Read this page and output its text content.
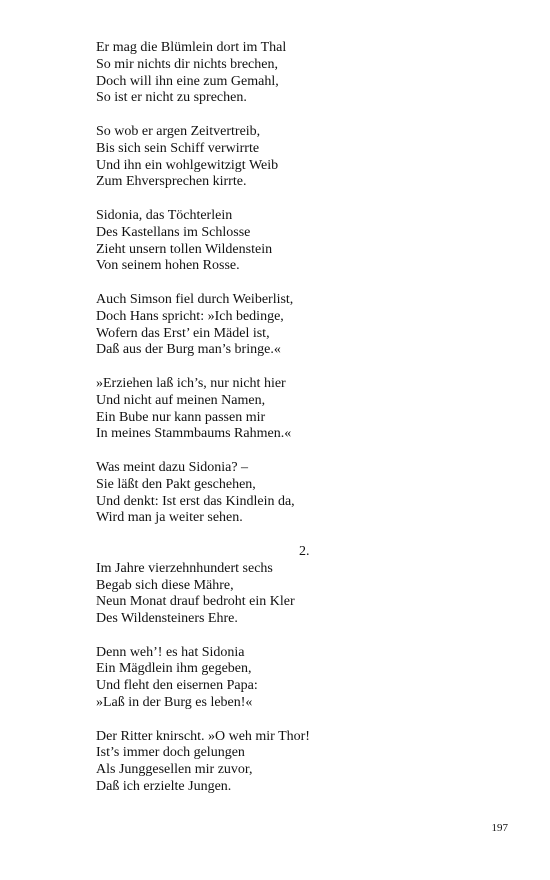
Er mag die Blümlein dort im Thal
So mir nichts dir nichts brechen,
Doch will ihn eine zum Gemahl,
So ist er nicht zu sprechen.
So wob er argen Zeitvertreib,
Bis sich sein Schiff verwirrte
Und ihn ein wohlgewitzigt Weib
Zum Ehversprechen kirrte.
Sidonia, das Töchterlein
Des Kastellans im Schlosse
Zieht unsern tollen Wildenstein
Von seinem hohen Rosse.
Auch Simson fiel durch Weiberlist,
Doch Hans spricht: »Ich bedinge,
Wofern das Erst’ ein Mädel ist,
Daß aus der Burg man’s bringe.«
»Erziehen laß ich’s, nur nicht hier
Und nicht auf meinen Namen,
Ein Bube nur kann passen mir
In meines Stammbaums Rahmen.«
Was meint dazu Sidonia? –
Sie läßt den Pakt geschehen,
Und denkt: Ist erst das Kindlein da,
Wird man ja weiter sehen.
2.
Im Jahre vierzehnhundert sechs
Begab sich diese Mähre,
Neun Monat drauf bedroht ein Kler
Des Wildensteiners Ehre.
Denn weh’! es hat Sidonia
Ein Mägdlein ihm gegeben,
Und fleht den eisernen Papa:
»Laß in der Burg es leben!«
Der Ritter knirscht. »O weh mir Thor!
Ist’s immer doch gelungen
Als Junggesellen mir zuvor,
Daß ich erzielte Jungen.
197
